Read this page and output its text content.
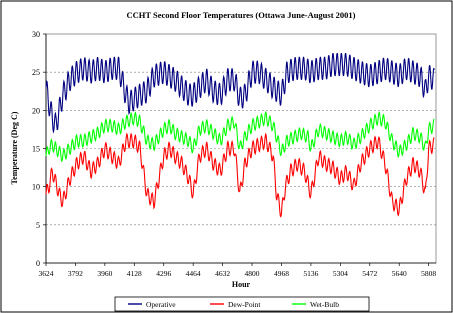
CCHT Second Floor Temperatures (Ottawa June-August 2001)
0
5
10
15
20
25
30
3624 3792 3960 4128 4296 4464 4632 4800 4968 5136 5304 5472 5640 5808
Hour
Temperature (Deg C)
Operative	Dew-Point	Wet-Bulb
